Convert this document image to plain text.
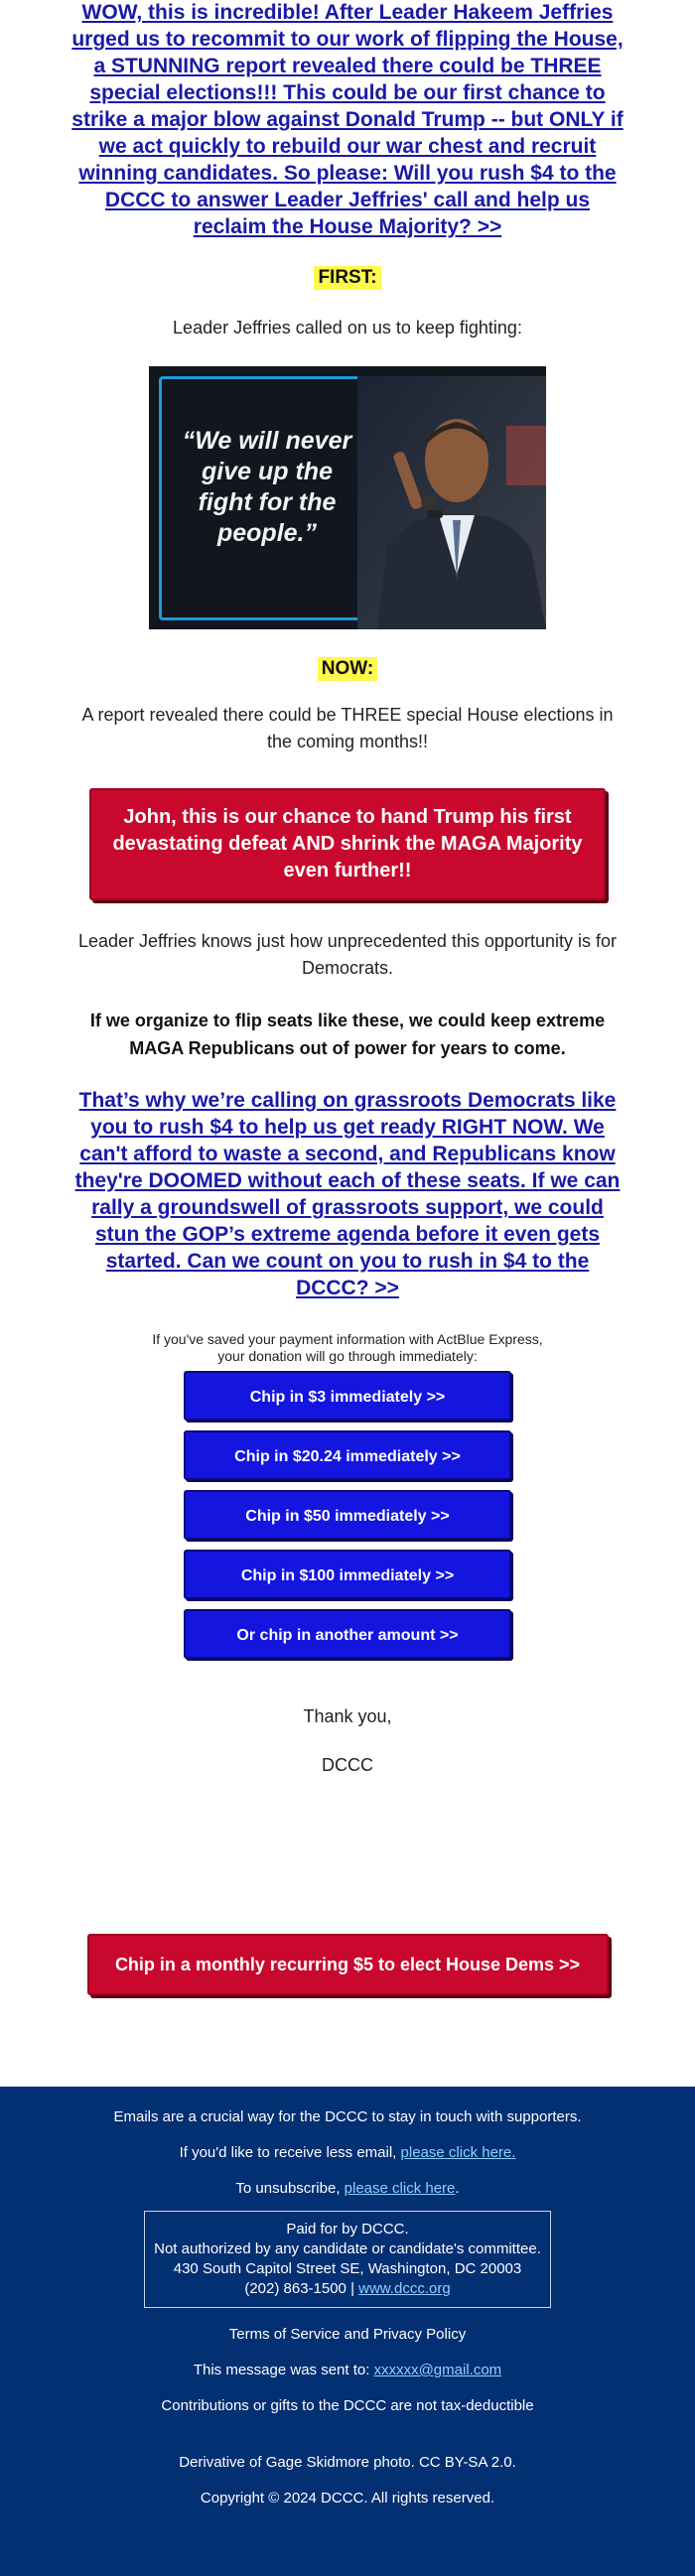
WOW, this is incredible! After Leader Hakeem Jeffries urged us to recommit to our work of flipping the House, a STUNNING report revealed there could be THREE special elections!!! This could be our first chance to strike a major blow against Donald Trump -- but ONLY if we act quickly to rebuild our war chest and recruit winning candidates. So please: Will you rush $4 to the DCCC to answer Leader Jeffries' call and help us reclaim the House Majority? >>
FIRST:
Leader Jeffries called on us to keep fighting:
“We will never give up the fight for the people.”
NOW:
A report revealed there could be THREE special House elections in the coming months!!
John, this is our chance to hand Trump his first devastating defeat AND shrink the MAGA Majority even further!!
Leader Jeffries knows just how unprecedented this opportunity is for Democrats.
If we organize to flip seats like these, we could keep extreme MAGA Republicans out of power for years to come.
That’s why we’re calling on grassroots Democrats like you to rush $4 to help us get ready RIGHT NOW. We can't afford to waste a second, and Republicans know they're DOOMED without each of these seats. If we can rally a groundswell of grassroots support, we could stun the GOP’s extreme agenda before it even gets started. Can we count on you to rush in $4 to the DCCC? >>
If you've saved your payment information with ActBlue Express,
your donation will go through immediately:
Chip in $3 immediately >>
Chip in $20.24 immediately >>
Chip in $50 immediately >>
Chip in $100 immediately >>
Or chip in another amount >>
Thank you,
DCCC
Chip in a monthly recurring $5 to elect House Dems >>
Emails are a crucial way for the DCCC to stay in touch with supporters.
If you'd like to receive less email, please click here.
To unsubscribe, please click here.
Paid for by DCCC.
Not authorized by any candidate or candidate's committee.
430 South Capitol Street SE, Washington, DC 20003
(202) 863-1500 | www.dccc.org
Terms of Service and Privacy Policy
This message was sent to: xxxxxx@gmail.com
Contributions or gifts to the DCCC are not tax-deductible
Derivative of Gage Skidmore photo. CC BY-SA 2.0.
Copyright © 2024 DCCC. All rights reserved.
